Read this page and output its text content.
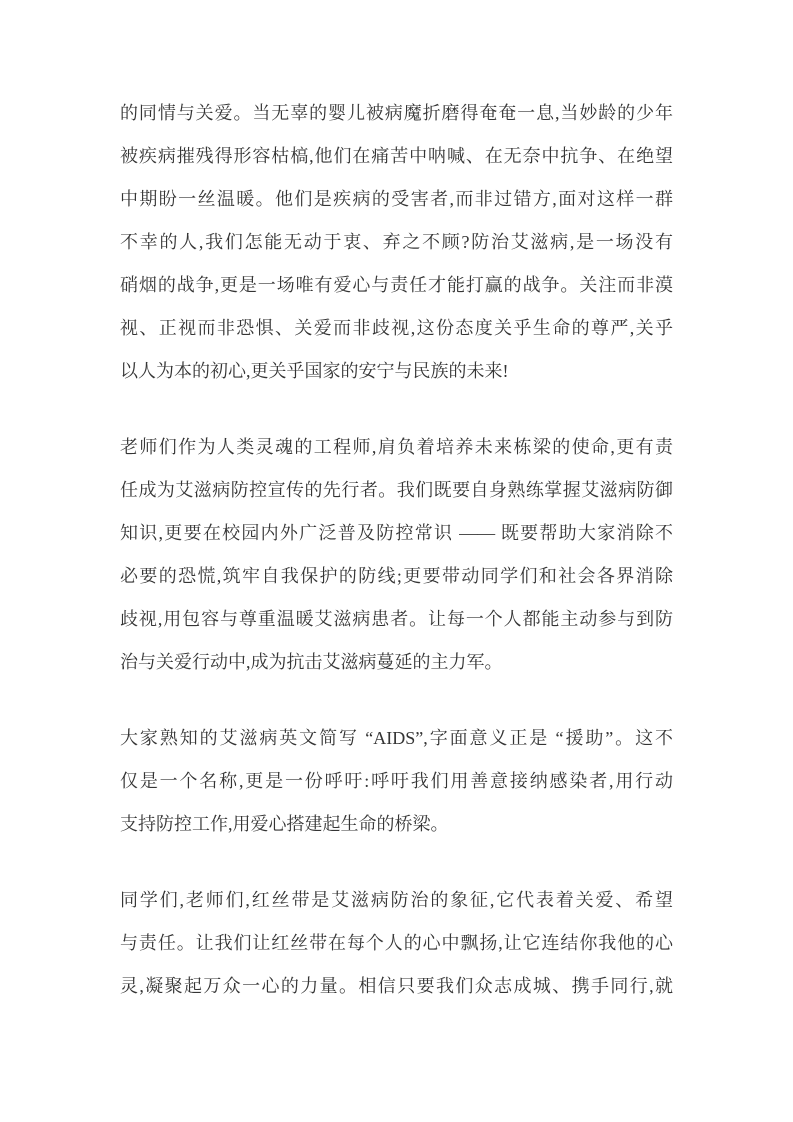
的同情与关爱。当无辜的婴儿被病魔折磨得奄奄一息,当妙龄的少年
被疾病摧残得形容枯槁,他们在痛苦中呐喊、在无奈中抗争、在绝望
中期盼一丝温暖。他们是疾病的受害者,而非过错方,面对这样一群
不幸的人,我们怎能无动于衷、弃之不顾?防治艾滋病,是一场没有
硝烟的战争,更是一场唯有爱心与责任才能打赢的战争。关注而非漠
视、正视而非恐惧、关爱而非歧视,这份态度关乎生命的尊严,关乎
以人为本的初心,更关乎国家的安宁与民族的未来!
老师们作为人类灵魂的工程师,肩负着培养未来栋梁的使命,更有责
任成为艾滋病防控宣传的先行者。我们既要自身熟练掌握艾滋病防御
知识,更要在校园内外广泛普及防控常识 —— 既要帮助大家消除不
必要的恐慌,筑牢自我保护的防线;更要带动同学们和社会各界消除
歧视,用包容与尊重温暖艾滋病患者。让每一个人都能主动参与到防
治与关爱行动中,成为抗击艾滋病蔓延的主力军。
大家熟知的艾滋病英文简写 “AIDS”,字面意义正是 “援助”。这不
仅是一个名称,更是一份呼吁:呼吁我们用善意接纳感染者,用行动
支持防控工作,用爱心搭建起生命的桥梁。
同学们,老师们,红丝带是艾滋病防治的象征,它代表着关爱、希望
与责任。让我们让红丝带在每个人的心中飘扬,让它连结你我他的心
灵,凝聚起万众一心的力量。相信只要我们众志成城、携手同行,就
